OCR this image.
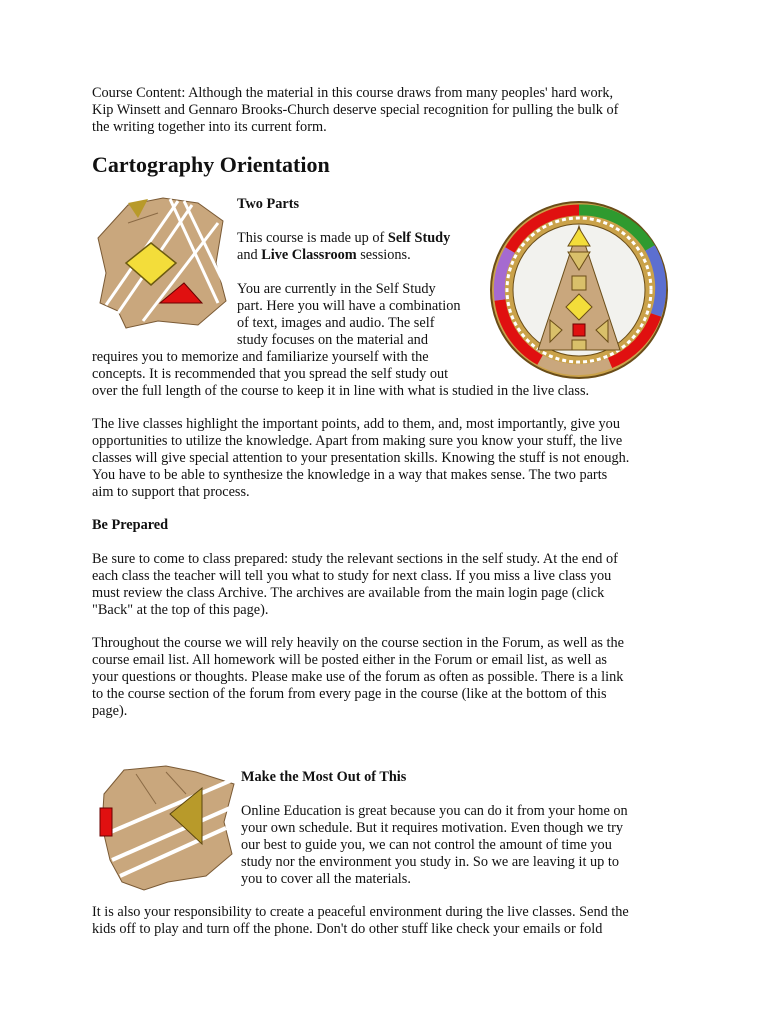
Course Content: Although the material in this course draws from many peoples' hard work,

Kip Winsett and Gennaro Brooks-Church deserve special recognition for pulling the bulk of

the writing together into its current form.

Cartography Orientation

Two Parts

This course is made up of Self Study

and Live Classroom sessions.

You are currently in the Self Study

part. Here you will have a combination

of text, images and audio. The self

study focuses on the material and

requires you to memorize and familiarize yourself with the

concepts. It is recommended that you spread the self study out

over the full length of the course to keep it in line with what is studied in the live class.

The live classes highlight the important points, add to them, and, most importantly, give you

opportunities to utilize the knowledge. Apart from making sure you know your stuff, the live

classes will give special attention to your presentation skills. Knowing the stuff is not enough.

You have to be able to synthesize the knowledge in a way that makes sense. The two parts

aim to support that process.

Be Prepared

Be sure to come to class prepared: study the relevant sections in the self study. At the end of

each class the teacher will tell you what to study for next class. If you miss a live class you

must review the class Archive. The archives are available from the main login page (click

"Back" at the top of this page).

Throughout the course we will rely heavily on the course section in the Forum, as well as the

course email list. All homework will be posted either in the Forum or email list, as well as

your questions or thoughts. Please make use of the forum as often as possible. There is a link

to the course section of the forum from every page in the course (like at the bottom of this

page).

Make the Most Out of This

Online Education is great because you can do it from your home on

your own schedule. But it requires motivation. Even though we try

our best to guide you, we can not control the amount of time you

study nor the environment you study in. So we are leaving it up to

you to cover all the materials.

It is also your responsibility to create a peaceful environment during the live classes. Send the

kids off to play and turn off the phone. Don't do other stuff like check your emails or fold
